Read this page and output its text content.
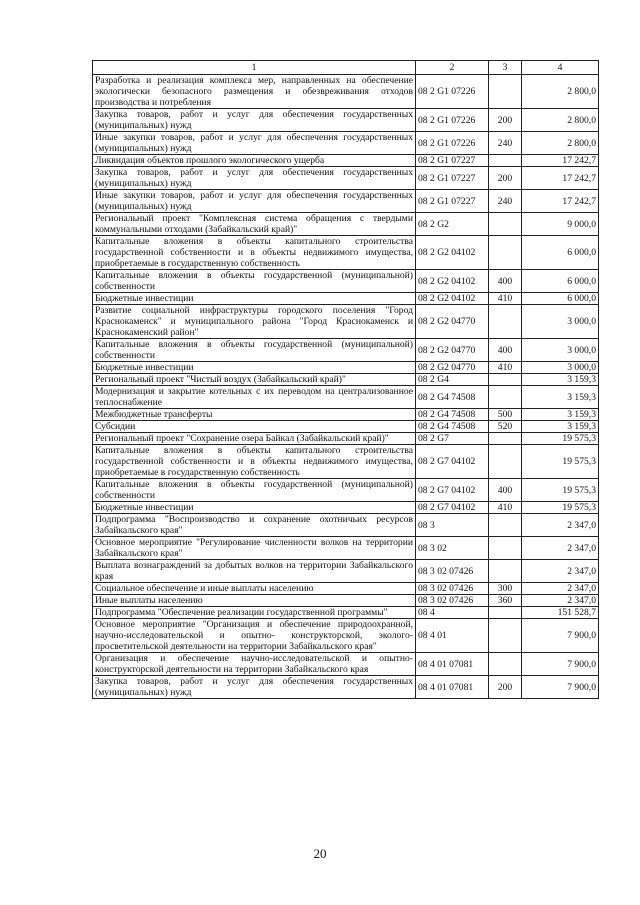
1	2	3	4
Разработка и реализация комплекса мер, направленных на обеспечение экологически безопасного размещения и обезвреживания отходов производства и потребления	08 2 G1 07226		2 800,0
Закупка товаров, работ и услуг для обеспечения государственных (муниципальных) нужд	08 2 G1 07226	200	2 800,0
Иные закупки товаров, работ и услуг для обеспечения государственных (муниципальных) нужд	08 2 G1 07226	240	2 800,0
Ликвидация объектов прошлого экологического ущерба	08 2 G1 07227		17 242,7
Закупка товаров, работ и услуг для обеспечения государственных (муниципальных) нужд	08 2 G1 07227	200	17 242,7
Иные закупки товаров, работ и услуг для обеспечения государственных (муниципальных) нужд	08 2 G1 07227	240	17 242,7
Региональный проект "Комплексная система обращения с твердыми коммунальными отходами (Забайкальский край)"	08 2 G2		9 000,0
Капитальные вложения в объекты капитального строительства государственной собственности и в объекты недвижимого имущества, приобретаемые в государственную собственность	08 2 G2 04102		6 000,0
Капитальные вложения в объекты государственной (муниципальной) собственности	08 2 G2 04102	400	6 000,0
Бюджетные инвестиции	08 2 G2 04102	410	6 000,0
Развитие социальной инфраструктуры городского поселения "Город Краснокаменск" и муниципального района "Город Краснокаменск и Краснокаменский район"	08 2 G2 04770		3 000,0
Капитальные вложения в объекты государственной (муниципальной) собственности	08 2 G2 04770	400	3 000,0
Бюджетные инвестиции	08 2 G2 04770	410	3 000,0
Региональный проект "Чистый воздух (Забайкальский край)"	08 2 G4		3 159,3
Модернизация и закрытие котельных с их переводом на централизованное теплоснабжение	08 2 G4 74508		3 159,3
Межбюджетные трансферты	08 2 G4 74508	500	3 159,3
Субсидии	08 2 G4 74508	520	3 159,3
Региональный проект "Сохранение озера Байкал (Забайкальский край)"	08 2 G7		19 575,3
Капитальные вложения в объекты капитального строительства государственной собственности и в объекты недвижимого имущества, приобретаемые в государственную собственность	08 2 G7 04102		19 575,3
Капитальные вложения в объекты государственной (муниципальной) собственности	08 2 G7 04102	400	19 575,3
Бюджетные инвестиции	08 2 G7 04102	410	19 575,3
Подпрограмма "Воспроизводство и сохранение охотничьих ресурсов Забайкальского края"	08 3		2 347,0
Основное мероприятие "Регулирование численности волков на территории Забайкальского края"	08 3 02		2 347,0
Выплата вознаграждений за добытых волков на территории Забайкальского края	08 3 02 07426		2 347,0
Социальное обеспечение и иные выплаты населению	08 3 02 07426	300	2 347,0
Иные выплаты населению	08 3 02 07426	360	2 347,0
Подпрограмма "Обеспечение реализации государственной программы"	08 4		151 528,7
Основное мероприятие "Организация и обеспечение природоохранной, научно-исследовательской и опытно- конструкторской, эколого-просветительской деятельности на территории Забайкальского края"	08 4 01		7 900,0
Организация и обеспечение научно-исследовательской и опытно-конструкторской деятельности на территории Забайкальского края	08 4 01 07081		7 900,0
Закупка товаров, работ и услуг для обеспечения государственных (муниципальных) нужд	08 4 01 07081	200	7 900,0
20
